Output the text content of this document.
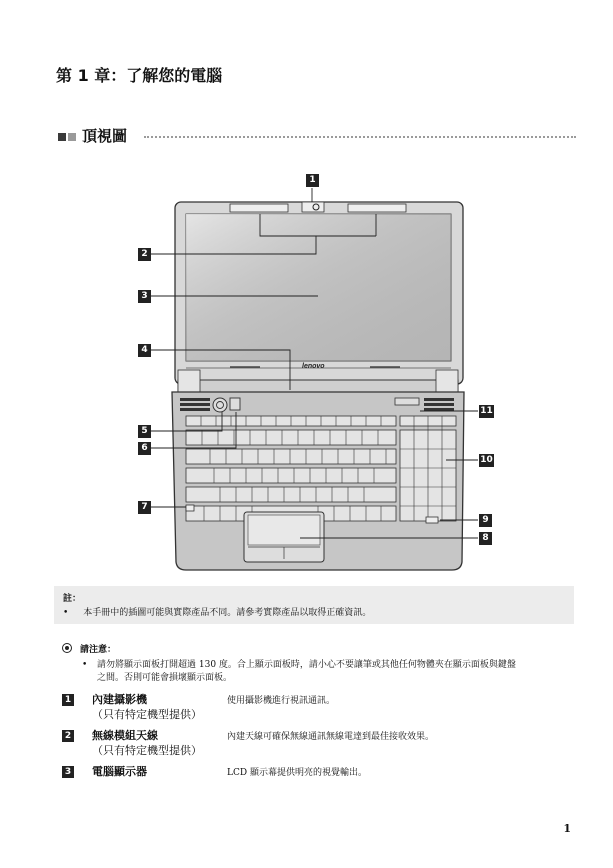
第 1 章：了解您的電腦
頂視圖
lenovo
1
2
3
4
5
6
7
8
9
10
11
註：
• 本手冊中的插圖可能與實際產品不同。請參考實際產品以取得正確資訊。
請注意：
• 請勿將顯示面板打開超過 130 度。合上顯示面板時，請小心不要讓筆或其他任何物體夾在顯示面板與鍵盤
之間。否則可能會損壞顯示面板。
1 內建攝影機
（只有特定機型提供）
使用攝影機進行視訊通訊。
2 無線模組天線
（只有特定機型提供）
內建天線可確保無線通訊無線電達到最佳接收效果。
3 電腦顯示器	LCD 顯示幕提供明亮的視覺輸出。
1
